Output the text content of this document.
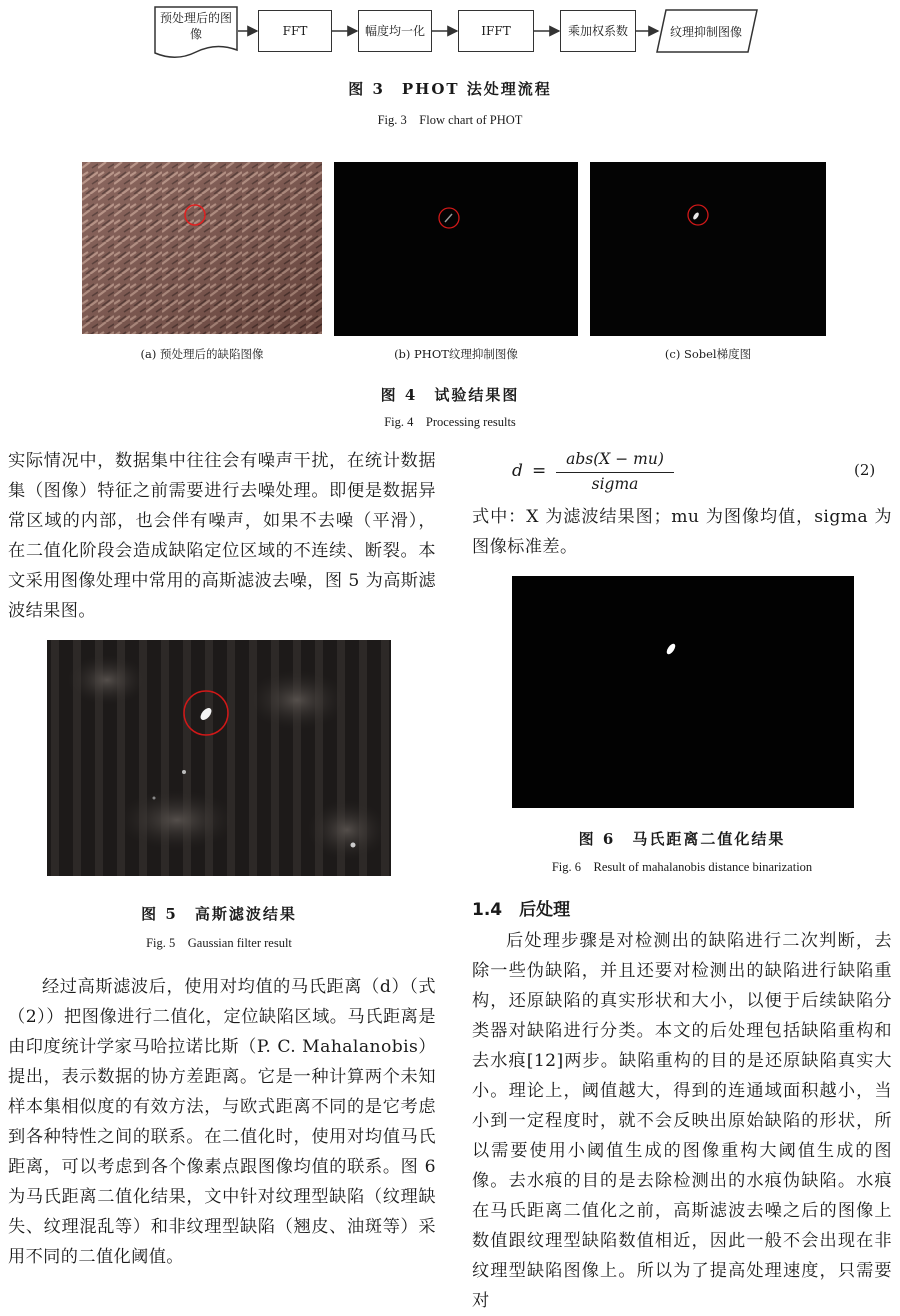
预处理后的图像	FFT	幅度均一化	IFFT	乘加权系数	纹理抑制图像
图 3　PHOT 法处理流程
Fig. 3　Flow chart of PHOT
(a) 预处理后的缺陷图像	(b) PHOT纹理抑制图像	(c) Sobel梯度图
图 4　试验结果图
Fig. 4　Processing results
实际情况中，数据集中往往会有噪声干扰，在统计数据集（图像）特征之前需要进行去噪处理。即便是数据异常区域的内部，也会伴有噪声，如果不去噪（平滑），在二值化阶段会造成缺陷定位区域的不连续、断裂。本文采用图像处理中常用的高斯滤波去噪，图 5 为高斯滤波结果图。
图 5　高斯滤波结果
Fig. 5　Gaussian filter result
经过高斯滤波后，使用对均值的马氏距离（d）（式（2））把图像进行二值化，定位缺陷区域。马氏距离是由印度统计学家马哈拉诺比斯（P. C. Mahalanobis）提出，表示数据的协方差距离。它是一种计算两个未知样本集相似度的有效方法，与欧式距离不同的是它考虑到各种特性之间的联系。在二值化时，使用对均值马氏距离，可以考虑到各个像素点跟图像均值的联系。图 6 为马氏距离二值化结果，文中针对纹理型缺陷（纹理缺失、纹理混乱等）和非纹理型缺陷（翘皮、油斑等）采用不同的二值化阈值。
d =
abs(X − mu)
sigma
(2)
式中：X 为滤波结果图；mu 为图像均值，sigma 为图像标准差。
图 6　马氏距离二值化结果
Fig. 6　Result of mahalanobis distance binarization
1.4　后处理
后处理步骤是对检测出的缺陷进行二次判断，去除一些伪缺陷，并且还要对检测出的缺陷进行缺陷重构，还原缺陷的真实形状和大小，以便于后续缺陷分类器对缺陷进行分类。本文的后处理包括缺陷重构和去水痕[12]两步。缺陷重构的目的是还原缺陷真实大小。理论上，阈值越大，得到的连通域面积越小，当小到一定程度时，就不会反映出原始缺陷的形状，所以需要使用小阈值生成的图像重构大阈值生成的图像。去水痕的目的是去除检测出的水痕伪缺陷。水痕在马氏距离二值化之前，高斯滤波去噪之后的图像上数值跟纹理型缺陷数值相近，因此一般不会出现在非纹理型缺陷图像上。所以为了提高处理速度，只需要对
